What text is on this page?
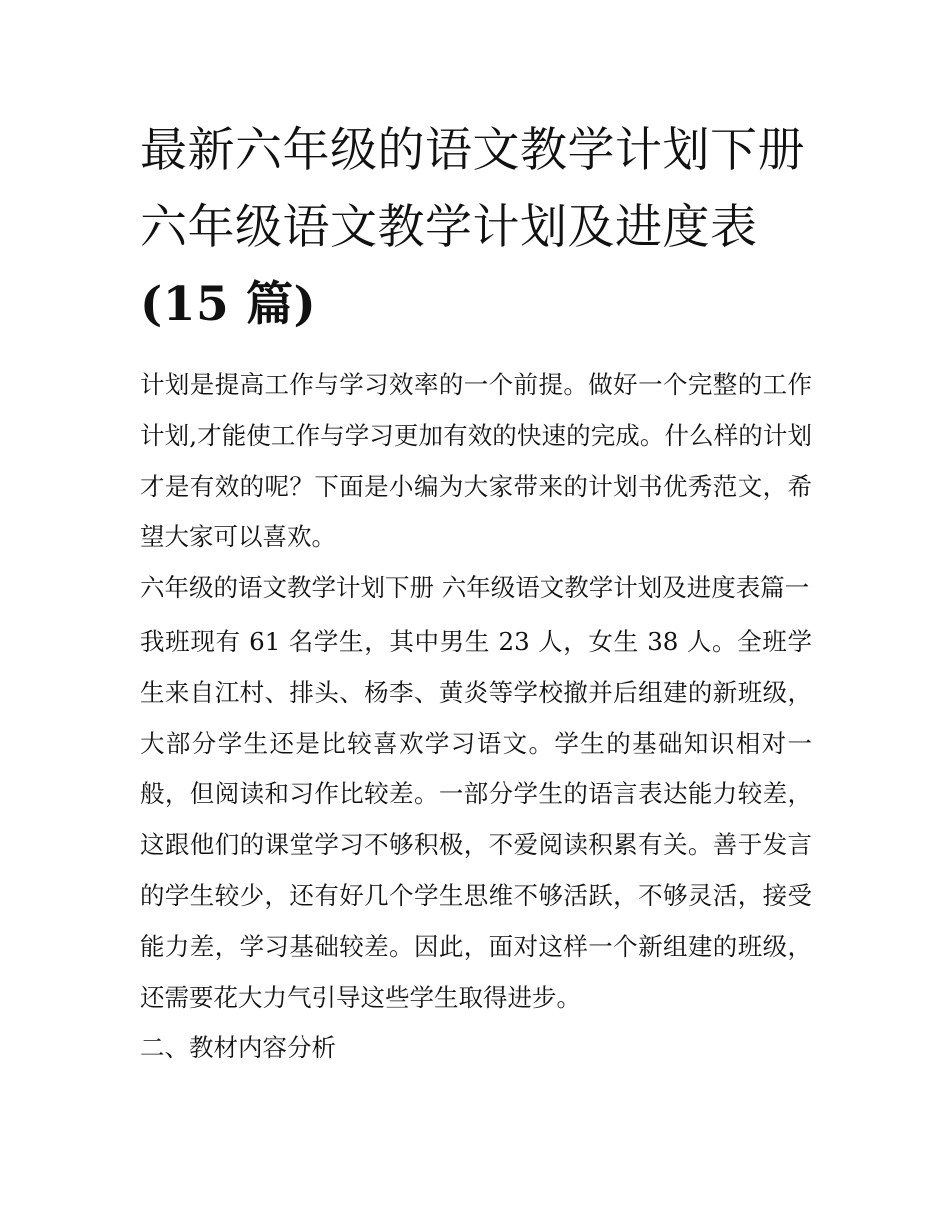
最新六年级的语文教学计划下册 六年级语文教学计划及进度表(15 篇)

计划是提高工作与学习效率的一个前提。做好一个完整的工作计划,才能使工作与学习更加有效的快速的完成。什么样的计划才是有效的呢？下面是小编为大家带来的计划书优秀范文，希望大家可以喜欢。

六年级的语文教学计划下册 六年级语文教学计划及进度表篇一

我班现有 61 名学生，其中男生 23 人，女生 38 人。全班学生来自江村、排头、杨李、黄炎等学校撤并后组建的新班级，大部分学生还是比较喜欢学习语文。学生的基础知识相对一般，但阅读和习作比较差。一部分学生的语言表达能力较差，这跟他们的课堂学习不够积极，不爱阅读积累有关。善于发言的学生较少，还有好几个学生思维不够活跃，不够灵活，接受能力差，学习基础较差。因此，面对这样一个新组建的班级，还需要花大力气引导这些学生取得进步。

二、教材内容分析
